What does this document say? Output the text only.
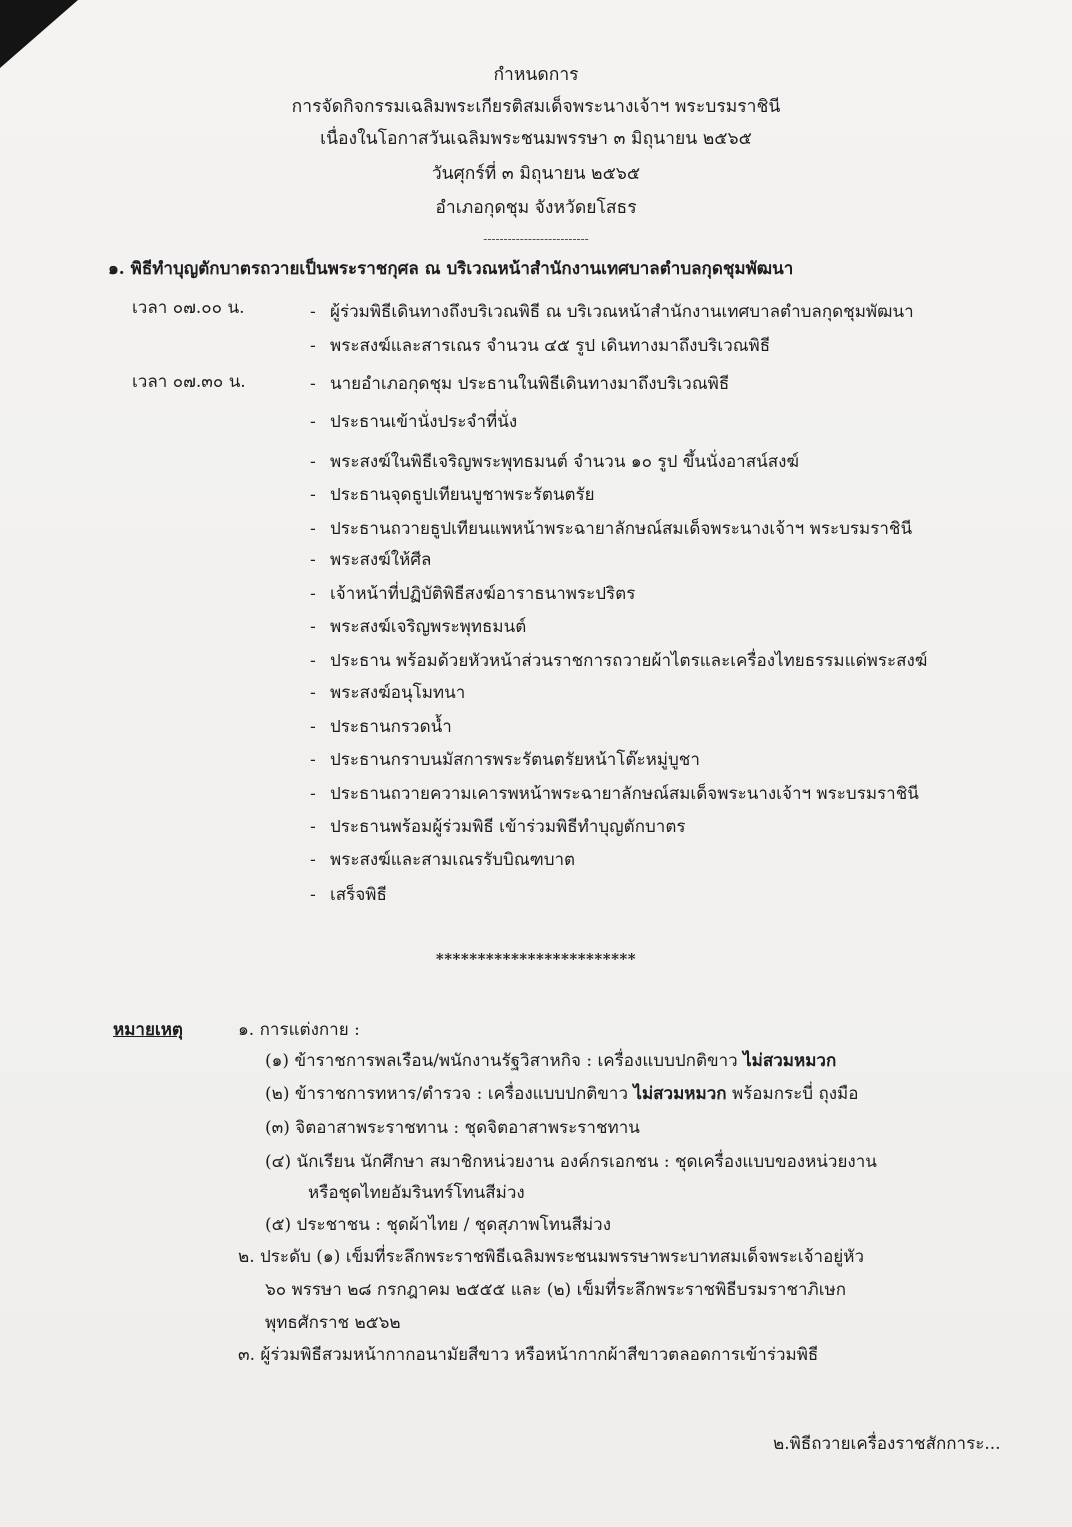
กำหนดการ
การจัดกิจกรรมเฉลิมพระเกียรติสมเด็จพระนางเจ้าฯ พระบรมราชินี
เนื่องในโอกาสวันเฉลิมพระชนมพรรษา ๓ มิถุนายน ๒๕๖๕
วันศุกร์ที่ ๓ มิถุนายน ๒๕๖๕
อำเภอกุดชุม จังหวัดยโสธร
--------------------------
๑. พิธีทำบุญตักบาตรถวายเป็นพระราชกุศล ณ บริเวณหน้าสำนักงานเทศบาลตำบลกุดชุมพัฒนา
เวลา ๐๗.๐๐ น.
เวลา ๐๗.๓๐ น.
- ผู้ร่วมพิธีเดินทางถึงบริเวณพิธี ณ บริเวณหน้าสำนักงานเทศบาลตำบลกุดชุมพัฒนา
- พระสงฆ์และสารเณร จำนวน ๔๕ รูป เดินทางมาถึงบริเวณพิธี
- นายอำเภอกุดชุม ประธานในพิธีเดินทางมาถึงบริเวณพิธี
- ประธานเข้านั่งประจำที่นั่ง
- พระสงฆ์ในพิธีเจริญพระพุทธมนต์ จำนวน ๑๐ รูป ขึ้นนั่งอาสน์สงฆ์
- ประธานจุดธูปเทียนบูชาพระรัตนตรัย
- ประธานถวายธูปเทียนแพหน้าพระฉายาลักษณ์สมเด็จพระนางเจ้าฯ พระบรมราชินี
- พระสงฆ์ให้ศีล
- เจ้าหน้าที่ปฏิบัติพิธีสงฆ์อาราธนาพระปริตร
- พระสงฆ์เจริญพระพุทธมนต์
- ประธาน พร้อมด้วยหัวหน้าส่วนราชการถวายผ้าไตรและเครื่องไทยธรรมแด่พระสงฆ์
- พระสงฆ์อนุโมทนา
- ประธานกรวดน้ำ
- ประธานกราบนมัสการพระรัตนตรัยหน้าโต๊ะหมู่บูชา
- ประธานถวายความเคารพหน้าพระฉายาลักษณ์สมเด็จพระนางเจ้าฯ พระบรมราชินี
- ประธานพร้อมผู้ร่วมพิธี เข้าร่วมพิธีทำบุญตักบาตร
- พระสงฆ์และสามเณรรับบิณฑบาต
- เสร็จพิธี
************************
หมายเหตุ	๑. การแต่งกาย :
(๑) ข้าราชการพลเรือน/พนักงานรัฐวิสาหกิจ : เครื่องแบบปกติขาว ไม่สวมหมวก
(๒) ข้าราชการทหาร/ตำรวจ : เครื่องแบบปกติขาว ไม่สวมหมวก พร้อมกระบี่ ถุงมือ
(๓) จิตอาสาพระราชทาน : ชุดจิตอาสาพระราชทาน
(๔) นักเรียน นักศึกษา สมาชิกหน่วยงาน องค์กรเอกชน : ชุดเครื่องแบบของหน่วยงาน
หรือชุดไทยอัมรินทร์โทนสีม่วง
(๕) ประชาชน : ชุดผ้าไทย / ชุดสุภาพโทนสีม่วง
๒. ประดับ (๑) เข็มที่ระลึกพระราชพิธีเฉลิมพระชนมพรรษาพระบาทสมเด็จพระเจ้าอยู่หัว
๖๐ พรรษา ๒๘ กรกฎาคม ๒๕๕๕ และ (๒) เข็มที่ระลึกพระราชพิธีบรมราชาภิเษก
พุทธศักราช ๒๕๖๒
๓. ผู้ร่วมพิธีสวมหน้ากากอนามัยสีขาว หรือหน้ากากผ้าสีขาวตลอดการเข้าร่วมพิธี
๒.พิธีถวายเครื่องราชสักการะ...
